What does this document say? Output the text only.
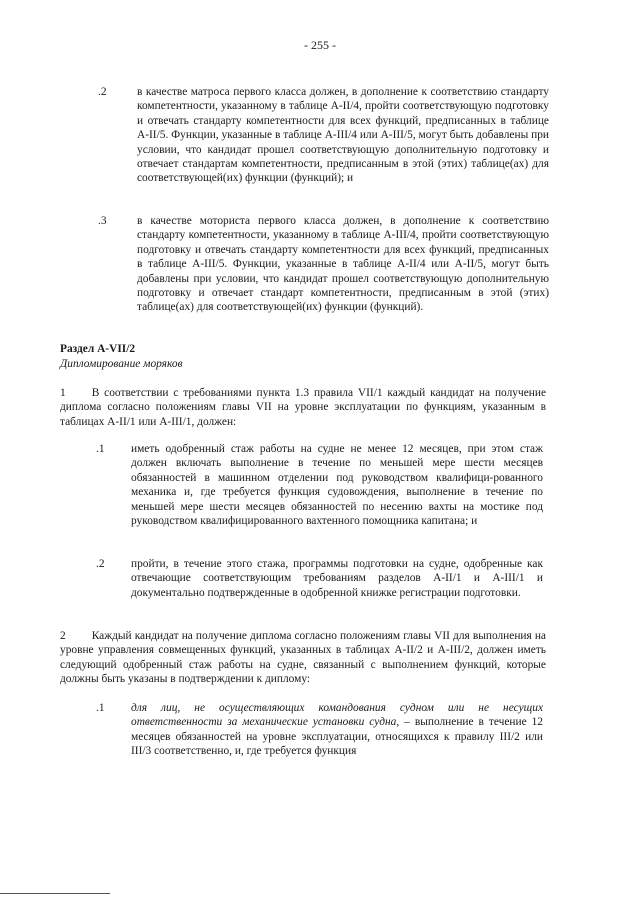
- 255 -
.2	в качестве матроса первого класса должен, в дополнение к соответствию стандарту компетентности, указанному в таблице A-II/4, пройти соответствующую подготовку и отвечать стандарту компетентности для всех функций, предписанных в таблице A-II/5. Функции, указанные в таблице A-III/4 или A-III/5, могут быть добавлены при условии, что кандидат прошел соответствующую дополнительную подготовку и отвечает стандартам компетентности, предписанным в этой (этих) таблице(ах) для соответствующей(их) функции (функций); и
.3	в качестве моториста первого класса должен, в дополнение к соответствию стандарту компетентности, указанному в таблице A-III/4, пройти соответствующую подготовку и отвечать стандарту компетентности для всех функций, предписанных в таблице A-III/5. Функции, указанные в таблице A-II/4 или A-II/5, могут быть добавлены при условии, что кандидат прошел соответствующую дополнительную подготовку и отвечает стандарт компетентности, предписанным в этой (этих) таблице(ах) для соответствующей(их) функции (функций).
Раздел A-VII/2
Дипломирование моряков
1 В соответствии с требованиями пункта 1.3 правила VII/1 каждый кандидат на получение диплома согласно положениям главы VII на уровне эксплуатации по функциям, указанным в таблицах A-II/1 или A-III/1, должен:
.1 иметь одобренный стаж работы на судне не менее 12 месяцев, при этом стаж должен включать выполнение в течение по меньшей мере шести месяцев обязанностей в машинном отделении под руководством квалифици-рованного механика и, где требуется функция судовождения, выполнение в течение по меньшей мере шести месяцев обязанностей по несению вахты на мостике под руководством квалифицированного вахтенного помощника капитана; и
.2 пройти, в течение этого стажа, программы подготовки на судне, одобренные как отвечающие соответствующим требованиям разделов A-II/1 и A-III/1 и документально подтвержденные в одобренной книжке регистрации подготовки.
2 Каждый кандидат на получение диплома согласно положениям главы VII для выполнения на уровне управления совмещенных функций, указанных в таблицах A-II/2 и A-III/2, должен иметь следующий одобренный стаж работы на судне, связанный с выполнением функций, которые должны быть указаны в подтверждении к диплому:
.1 для лиц, не осуществляющих командования судном или не несущих ответственности за механические установки судна, – выполнение в течение 12 месяцев обязанностей на уровне эксплуатации, относящихся к правилу III/2 или III/3 соответственно, и, где требуется функция
